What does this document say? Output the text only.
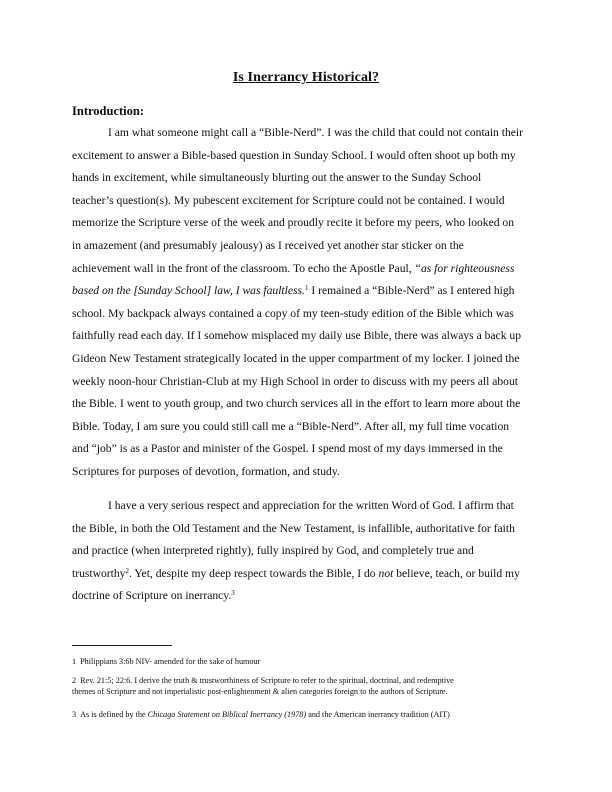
Is Inerrancy Historical?
Introduction:
I am what someone might call a “Bible-Nerd”. I was the child that could not contain their
excitement to answer a Bible-based question in Sunday School. I would often shoot up both my
hands in excitement, while simultaneously blurting out the answer to the Sunday School
teacher’s question(s). My pubescent excitement for Scripture could not be contained. I would
memorize the Scripture verse of the week and proudly recite it before my peers, who looked on
in amazement (and presumably jealousy) as I received yet another star sticker on the
achievement wall in the front of the classroom. To echo the Apostle Paul, “as for righteousness
based on the [Sunday School] law, I was faultless.$^1$ I remained a “Bible-Nerd” as I entered high
school. My backpack always contained a copy of my teen-study edition of the Bible which was
faithfully read each day. If I somehow misplaced my daily use Bible, there was always a back up
Gideon New Testament strategically located in the upper compartment of my locker. I joined the
weekly noon-hour Christian-Club at my High School in order to discuss with my peers all about
the Bible. I went to youth group, and two church services all in the effort to learn more about the
Bible. Today, I am sure you could still call me a “Bible-Nerd”. After all, my full time vocation
and “job” is as a Pastor and minister of the Gospel. I spend most of my days immersed in the
Scriptures for purposes of devotion, formation, and study.
I have a very serious respect and appreciation for the written Word of God. I affirm that
the Bible, in both the Old Testament and the New Testament, is infallible, authoritative for faith
and practice (when interpreted rightly), fully inspired by God, and completely true and
trustworthy$^2$. Yet, despite my deep respect towards the Bible, I do not believe, teach, or build my
doctrine of Scripture on inerrancy.$^3$
1 Philippians 3:6b NIV- amended for the sake of humour
2 Rev. 21:5; 22:6. I derive the truth & trustworthiness of Scripture to refer to the spiritual, doctrinal, and redemptive
themes of Scripture and not imperialistic post-enlightenment & alien categories foreign to the authors of Scripture.
3 As is defined by the Chicago Statement on Biblical Inerrancy (1978) and the American inerrancy tradition (AIT)
